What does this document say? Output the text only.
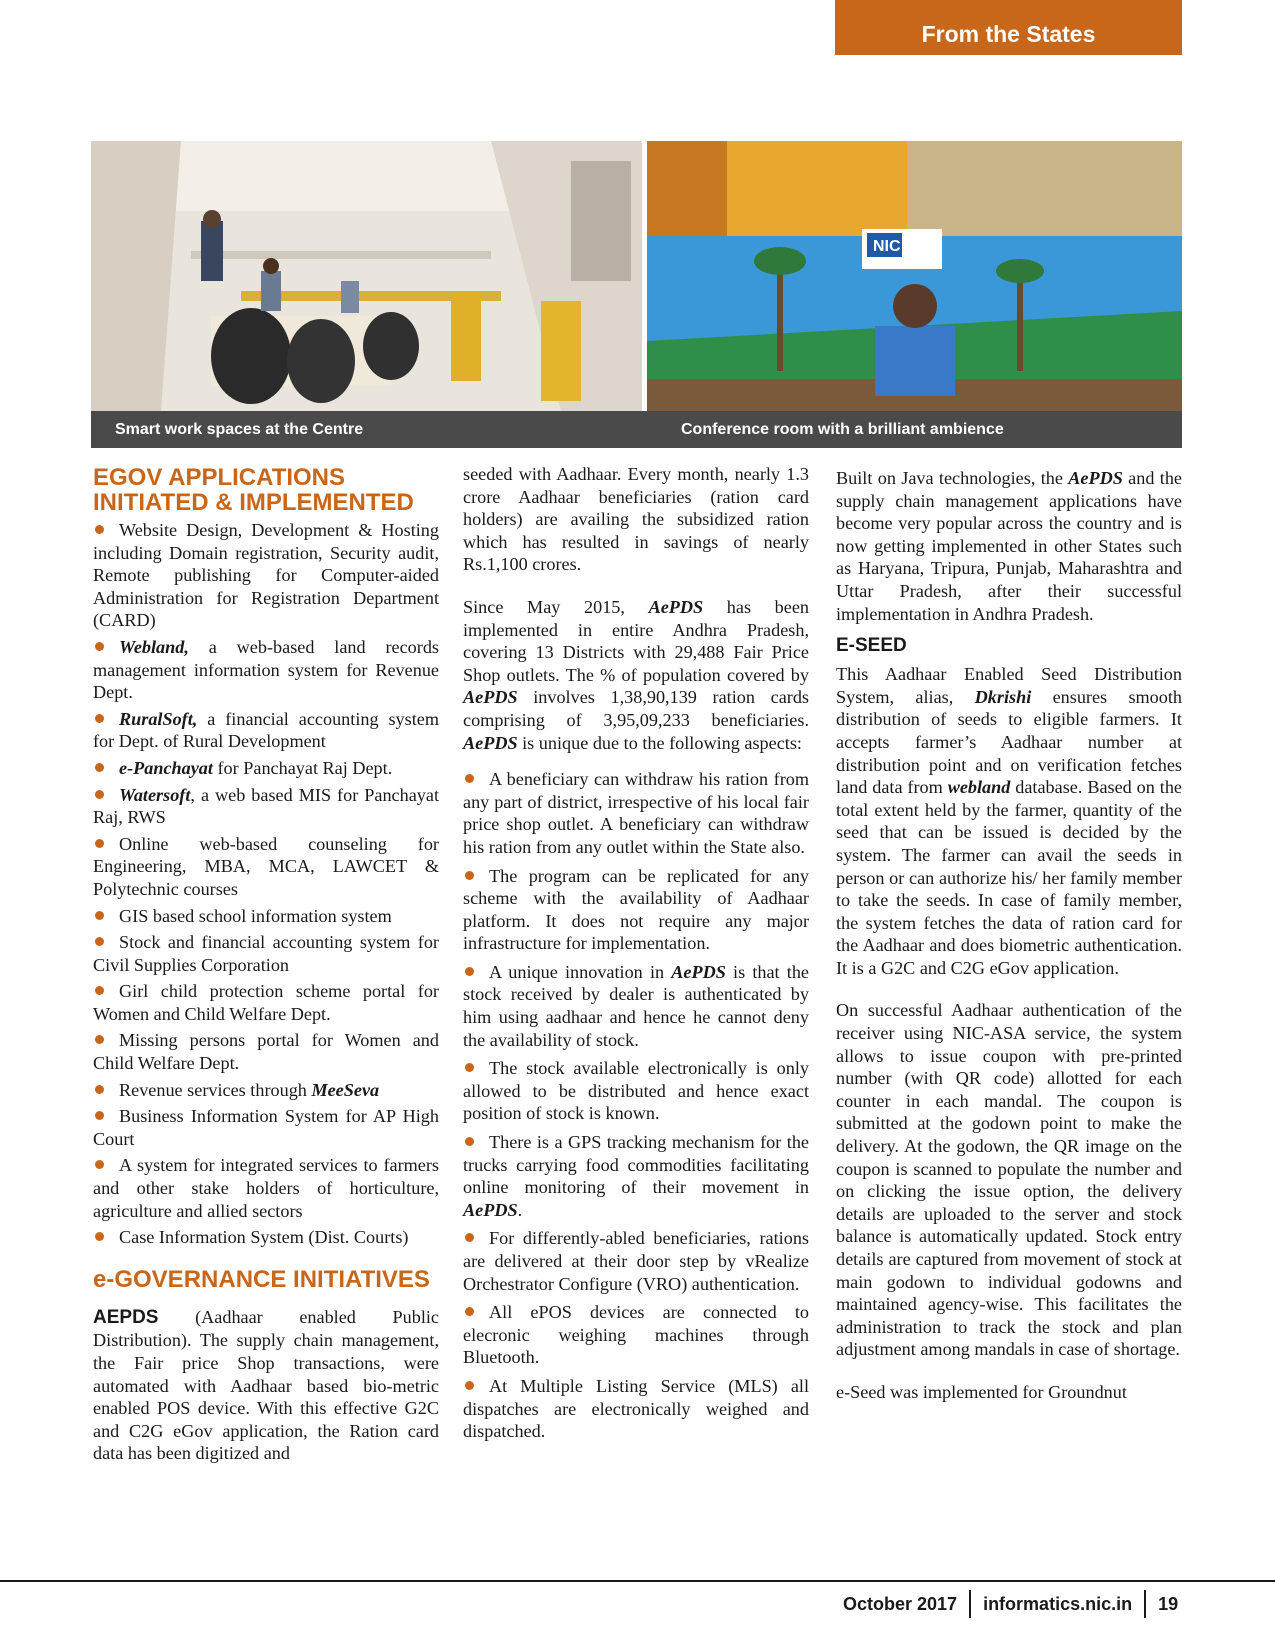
From the States
NIC
Smart work spaces at the Centre	Conference room with a brilliant ambience
EGOV APPLICATIONS INITIATED & IMPLEMENTED
Website Design, Development & Hosting including Domain registration, Security audit, Remote publishing for Computer-aided Administration for Registration Department (CARD)
Webland, a web-based land records management information system for Revenue Dept.
RuralSoft, a financial accounting system for Dept. of Rural Development
e-Panchayat for Panchayat Raj Dept.
Watersoft, a web based MIS for Panchayat Raj, RWS
Online web-based counseling for Engineering, MBA, MCA, LAWCET & Polytechnic courses
GIS based school information system
Stock and financial accounting system for Civil Supplies Corporation
Girl child protection scheme portal for Women and Child Welfare Dept.
Missing persons portal for Women and Child Welfare Dept.
Revenue services through MeeSeva
Business Information System for AP High Court
A system for integrated services to farmers and other stake holders of horticulture, agriculture and allied sectors
Case Information System (Dist. Courts)
e-GOVERNANCE INITIATIVES

AEPDS (Aadhaar enabled Public Distribution). The supply chain management, the Fair price Shop transactions, were automated with Aadhaar based bio-metric enabled POS device. With this effective G2C and C2G eGov application, the Ration card data has been digitized and

seeded with Aadhaar. Every month, nearly 1.3 crore Aadhaar beneficiaries (ration card holders) are availing the subsidized ration which has resulted in savings of nearly Rs.1,100 crores.

Since May 2015, AePDS has been implemented in entire Andhra Pradesh, covering 13 Districts with 29,488 Fair Price Shop outlets. The % of population covered by AePDS involves 1,38,90,139 ration cards comprising of 3,95,09,233 beneficiaries. AePDS is unique due to the following aspects:

A beneficiary can withdraw his ration from any part of district, irrespective of his local fair price shop outlet. A beneficiary can withdraw his ration from any outlet within the State also.
The program can be replicated for any scheme with the availability of Aadhaar platform. It does not require any major infrastructure for implementation.
A unique innovation in AePDS is that the stock received by dealer is authenticated by him using aadhaar and hence he cannot deny the availability of stock.
The stock available electronically is only allowed to be distributed and hence exact position of stock is known.
There is a GPS tracking mechanism for the trucks carrying food commodities facilitating online monitoring of their movement in AePDS.
For differently-abled beneficiaries, rations are delivered at their door step by vRealize Orchestrator Configure (VRO) authentication.
All ePOS devices are connected to elecronic weighing machines through Bluetooth.
At Multiple Listing Service (MLS) all dispatches are electronically weighed and dispatched.

Built on Java technologies, the AePDS and the supply chain management applications have become very popular across the country and is now getting implemented in other States such as Haryana, Tripura, Punjab, Maharashtra and Uttar Pradesh, after their successful implementation in Andhra Pradesh.

E-SEED

This Aadhaar Enabled Seed Distribution System, alias, Dkrishi ensures smooth distribution of seeds to eligible farmers. It accepts farmer’s Aadhaar number at distribution point and on verification fetches land data from webland database. Based on the total extent held by the farmer, quantity of the seed that can be issued is decided by the system. The farmer can avail the seeds in person or can authorize his/ her family member to take the seeds. In case of family member, the system fetches the data of ration card for the Aadhaar and does biometric authentication. It is a G2C and C2G eGov application.

On successful Aadhaar authentication of the receiver using NIC-ASA service, the system allows to issue coupon with pre-printed number (with QR code) allotted for each counter in each mandal. The coupon is submitted at the godown point to make the delivery. At the godown, the QR image on the coupon is scanned to populate the number and on clicking the issue option, the delivery details are uploaded to the server and stock balance is automatically updated. Stock entry details are captured from movement of stock at main godown to individual godowns and maintained agency-wise. This facilitates the administration to track the stock and plan adjustment among mandals in case of shortage.

e-Seed was implemented for Groundnut

October 2017 informatics.nic.in 19
